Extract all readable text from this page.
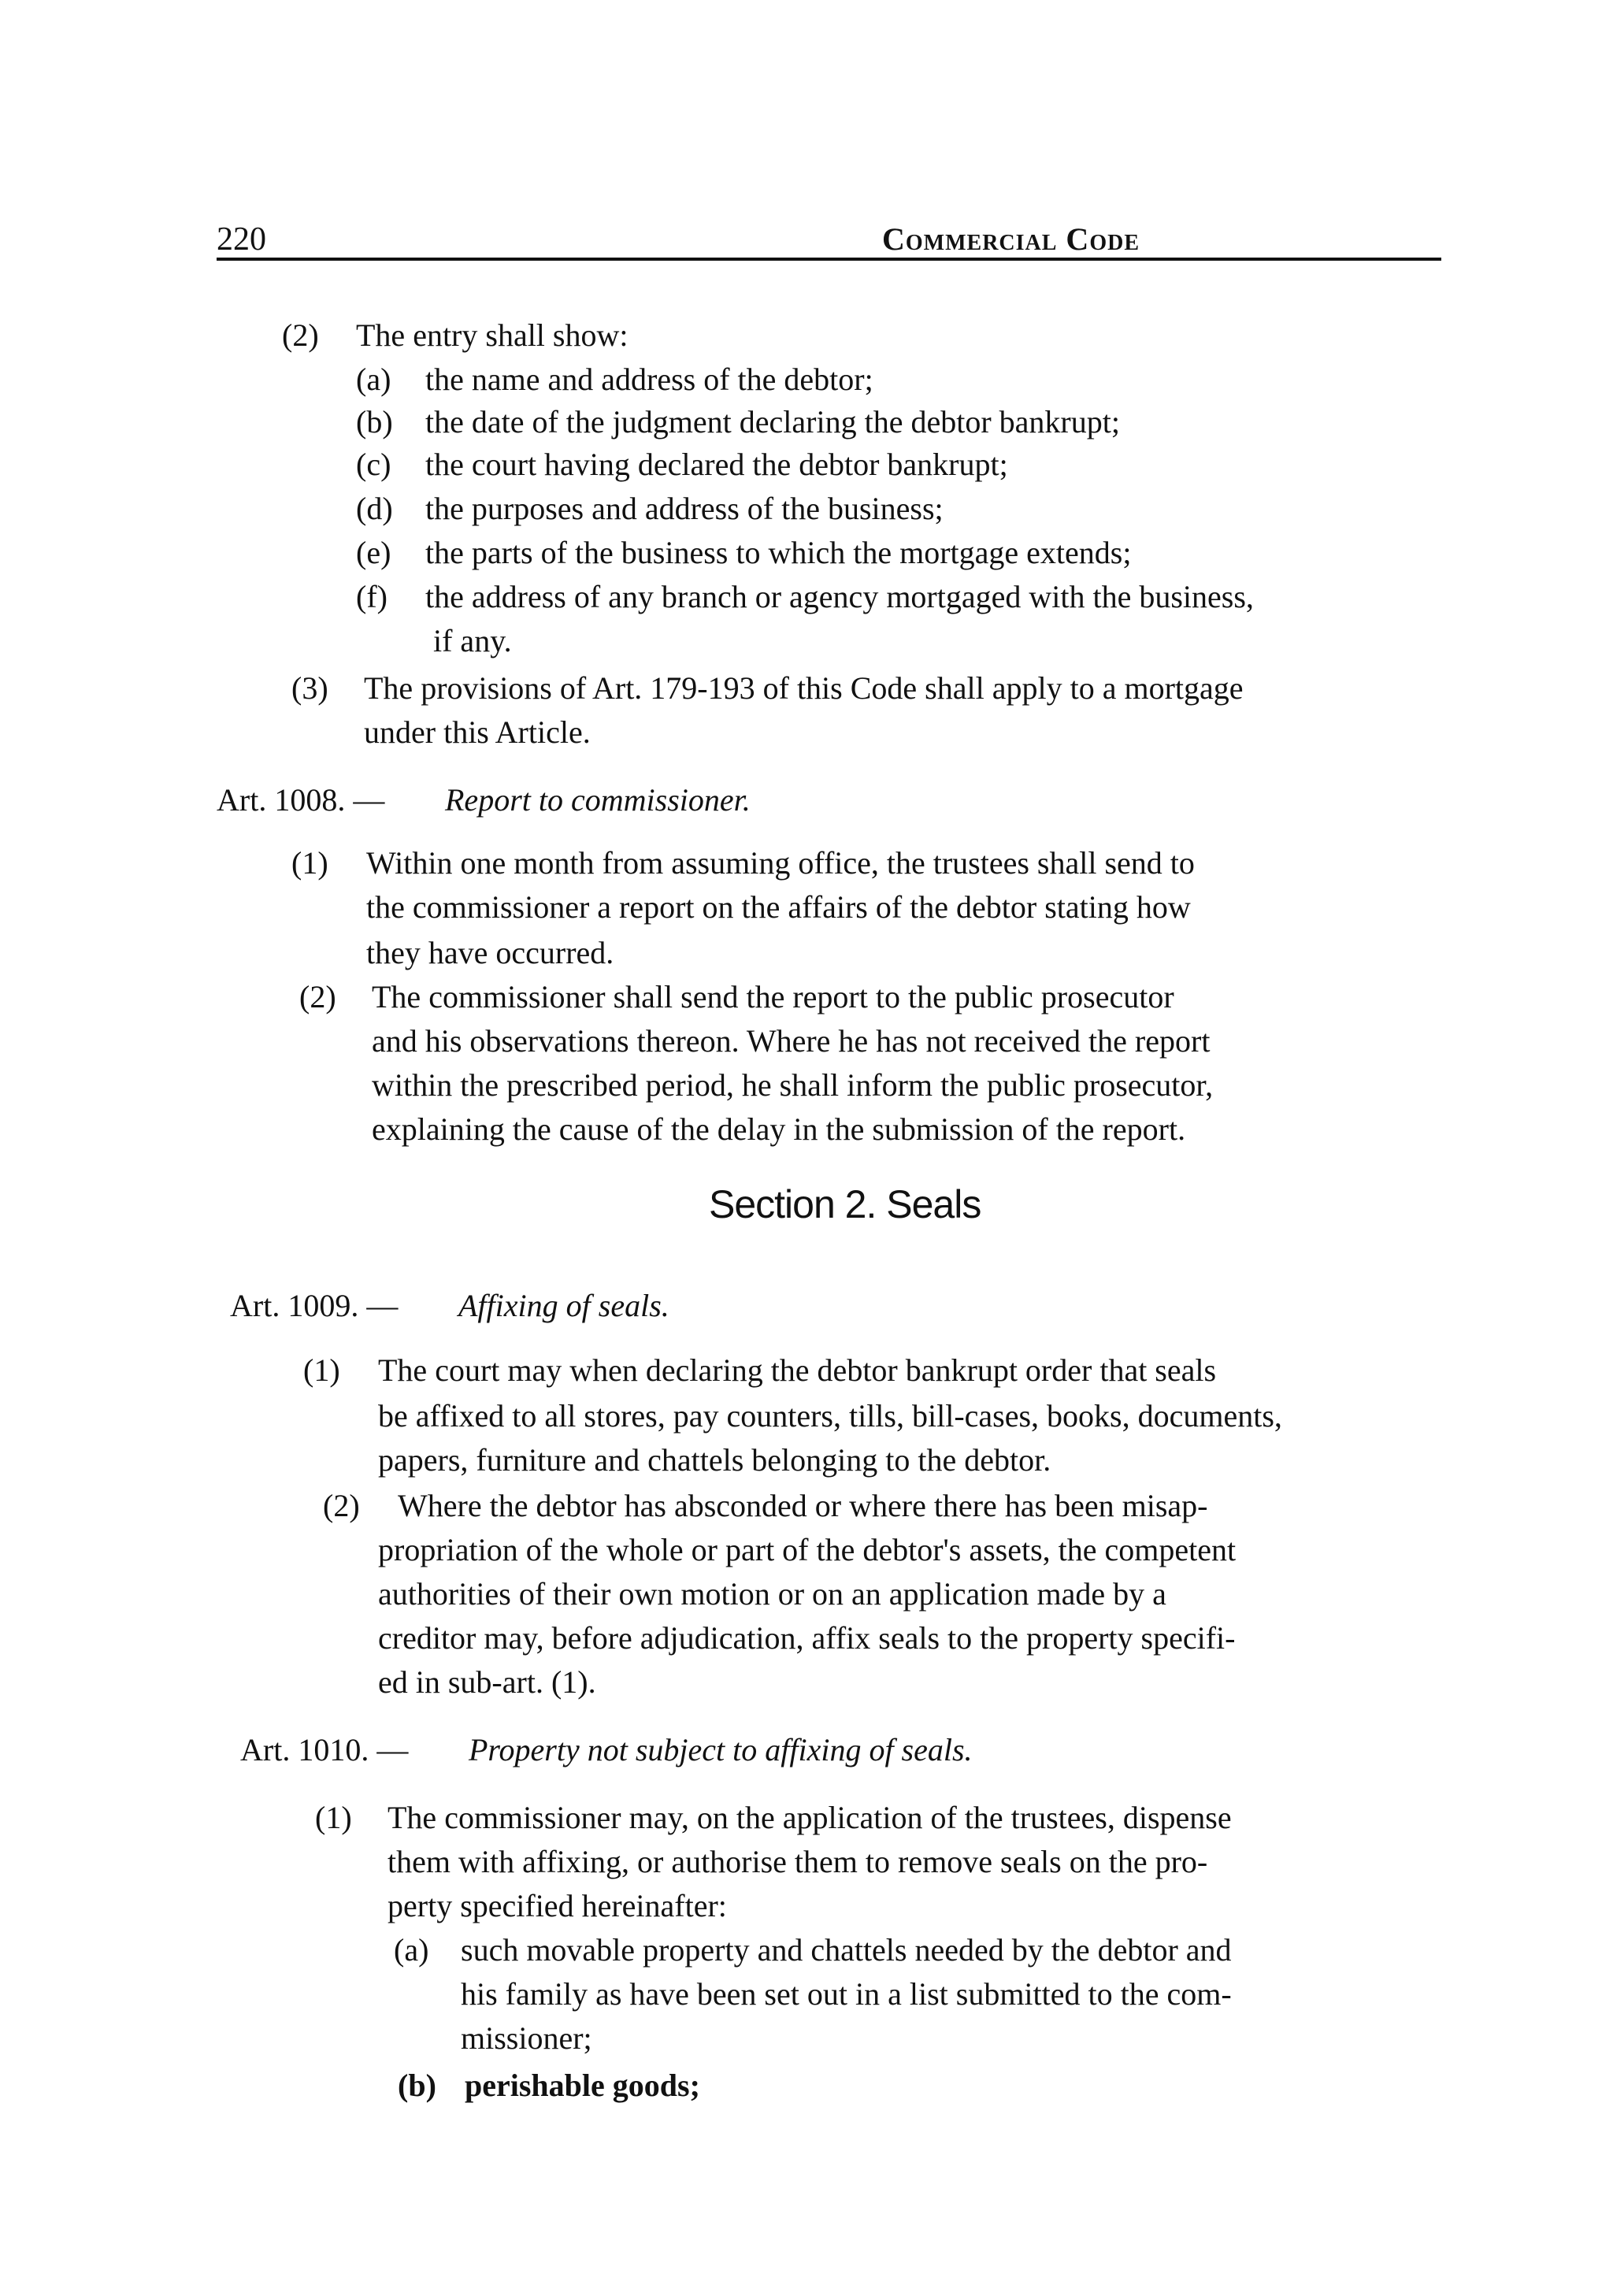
220	Commercial Code
(2) The entry shall show:
(a) the name and address of the debtor;
(b) the date of the judgment declaring the debtor bankrupt;
(c) the court having declared the debtor bankrupt;
(d) the purposes and address of the business;
(e) the parts of the business to which the mortgage extends;
(f) the address of any branch or agency mortgaged with the business,
if any.
(3) The provisions of Art. 179-193 of this Code shall apply to a mortgage
under this Article.
Art. 1008. — Report to commissioner.
(1) Within one month from assuming office, the trustees shall send to
the commissioner a report on the affairs of the debtor stating how
they have occurred.
(2) The commissioner shall send the report to the public prosecutor
and his observations thereon. Where he has not received the report
within the prescribed period, he shall inform the public prosecutor,
explaining the cause of the delay in the submission of the report.
Section 2. Seals
Art. 1009. — Affixing of seals.
(1) The court may when declaring the debtor bankrupt order that seals
be affixed to all stores, pay counters, tills, bill-cases, books, documents,
papers, furniture and chattels belonging to the debtor.
(2) Where the debtor has absconded or where there has been misap-
propriation of the whole or part of the debtor's assets, the competent
authorities of their own motion or on an application made by a
creditor may, before adjudication, affix seals to the property specifi-
ed in sub-art. (1).
Art. 1010. — Property not subject to affixing of seals.
(1) The commissioner may, on the application of the trustees, dispense
them with affixing, or authorise them to remove seals on the pro-
perty specified hereinafter:
(a) such movable property and chattels needed by the debtor and
his family as have been set out in a list submitted to the com-
missioner;
(b) perishable goods;
